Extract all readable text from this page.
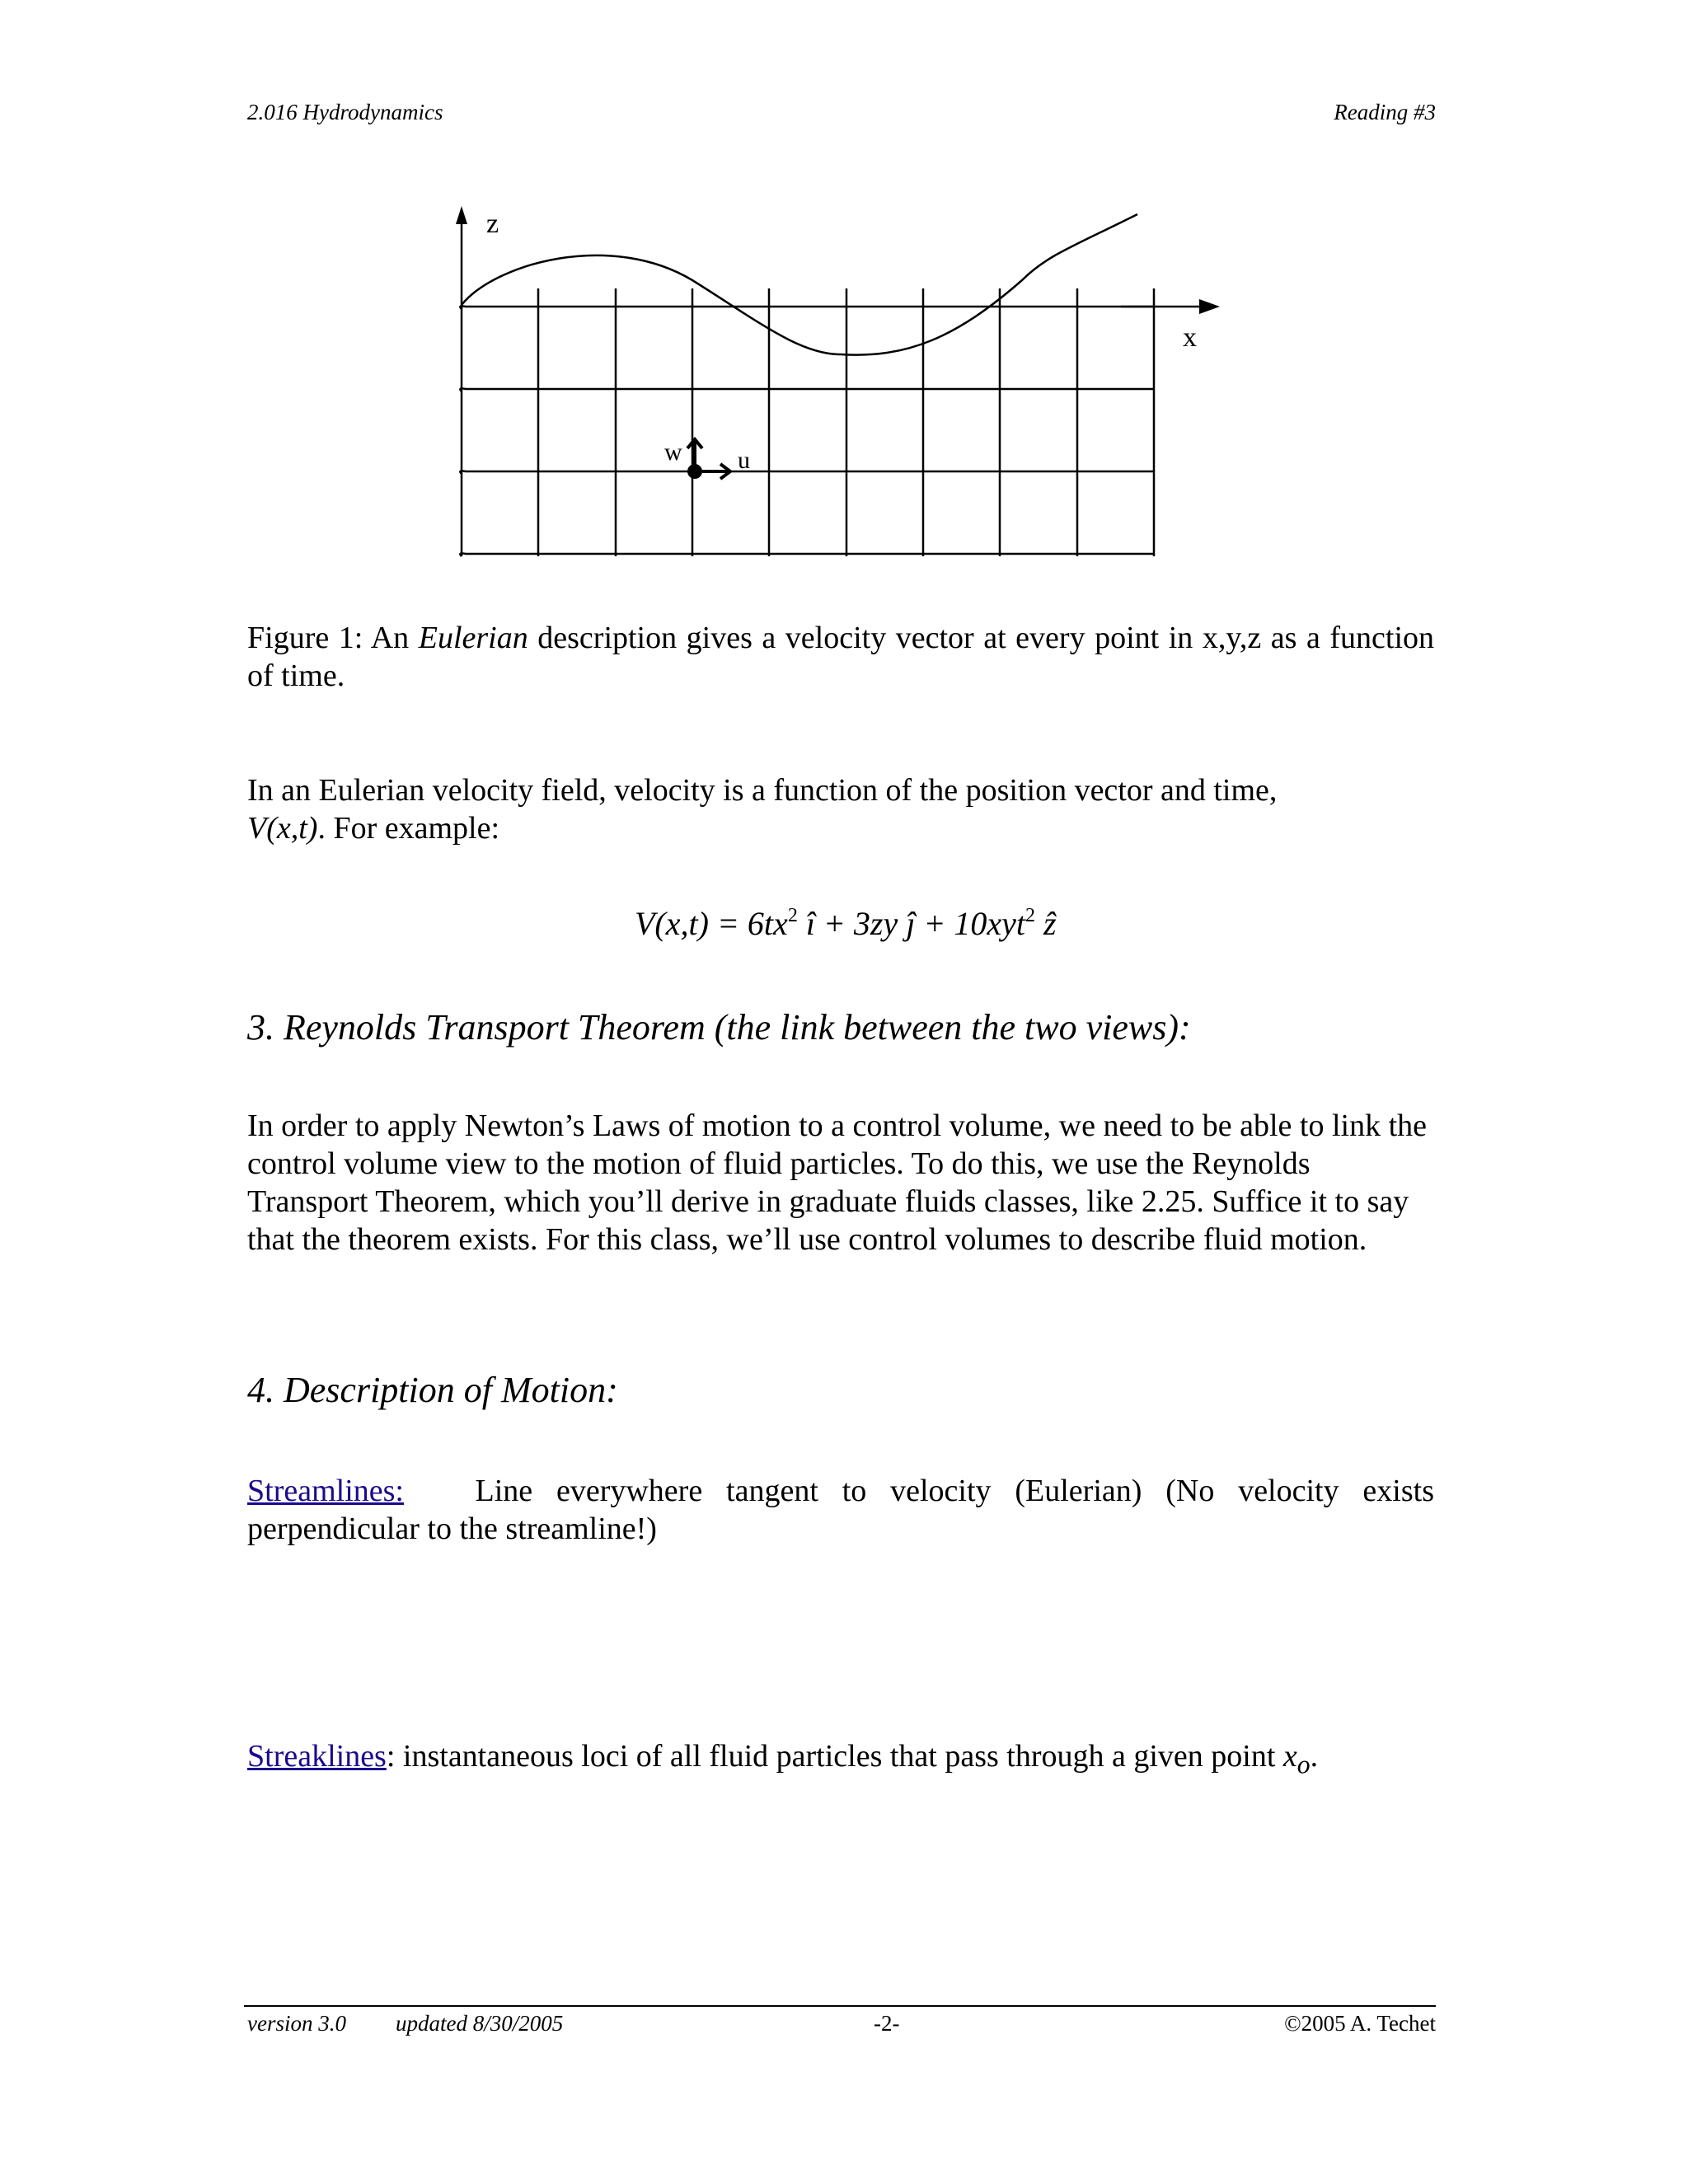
2.016 Hydrodynamics	Reading #3
z
x
w u
Figure 1: An Eulerian description gives a velocity vector at every point in x,y,z as a function of time.
In an Eulerian velocity field, velocity is a function of the position vector and time,
V(x,t). For example:
$V(x,t) = 6tx^2$ î + 3zy ĵ + 10xyt$^2$ ẑ
3. Reynolds Transport Theorem (the link between the two views):
In order to apply Newton’s Laws of motion to a control volume, we need to be able to link the control volume view to the motion of fluid particles. To do this, we use the Reynolds Transport Theorem, which you’ll derive in graduate fluids classes, like 2.25. Suffice it to say that the theorem exists. For this class, we’ll use control volumes to describe fluid motion.
4. Description of Motion:
Streamlines: Line everywhere tangent to velocity (Eulerian) (No velocity exists perpendicular to the streamline!)
Streaklines: instantaneous loci of all fluid particles that pass through a given point $x_o$.
version 3.0 updated 8/30/2005	-2-	©2005 A. Techet
